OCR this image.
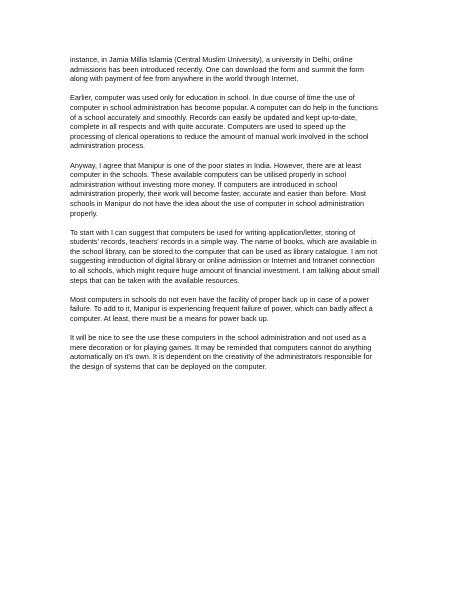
instance, in Jamia Millia Islamia (Central Muslim University), a university in Delhi, online
admissions has been introduced recently. One can download the form and summit the form
along with payment of fee from anywhere in the world through Internet.

Earlier, computer was used only for education in school. In due course of time the use of
computer in school administration has become popular. A computer can do help in the functions
of a school accurately and smoothly. Records can easily be updated and kept up-to-date,
complete in all respects and with quite accurate. Computers are used to speed up the
processing of clerical operations to reduce the amount of manual work involved in the school
administration process.

Anyway, I agree that Manipur is one of the poor states in India. However, there are at least
computer in the schools. These available computers can be utilised properly in school
administration without investing more money. If computers are introduced in school
administration properly, their work will become faster, accurate and easier than before. Most
schools in Manipur do not have the idea about the use of computer in school administration
properly.

To start with I can suggest that computers be used for writing application/letter, storing of
students' records, teachers' records in a simple way. The name of books, which are available in
the school library, can be stored to the computer that can be used as library catalogue. I am not
suggesting introduction of digital library or online admission or Internet and Intranet connection
to all schools, which might require huge amount of financial investment. I am talking about small
steps that can be taken with the available resources.

Most computers in schools do not even have the facility of proper back up in case of a power
failure. To add to it, Manipur is experiencing frequent failure of power, which can badly affect a
computer. At least, there must be a means for power back up.

It will be nice to see the use these computers in the school administration and not used as a
mere decoration or for playing games. It may be reminded that computers cannot do anything
automatically on it's own. It is dependent on the creativity of the administrators responsible for
the design of systems that can be deployed on the computer.
